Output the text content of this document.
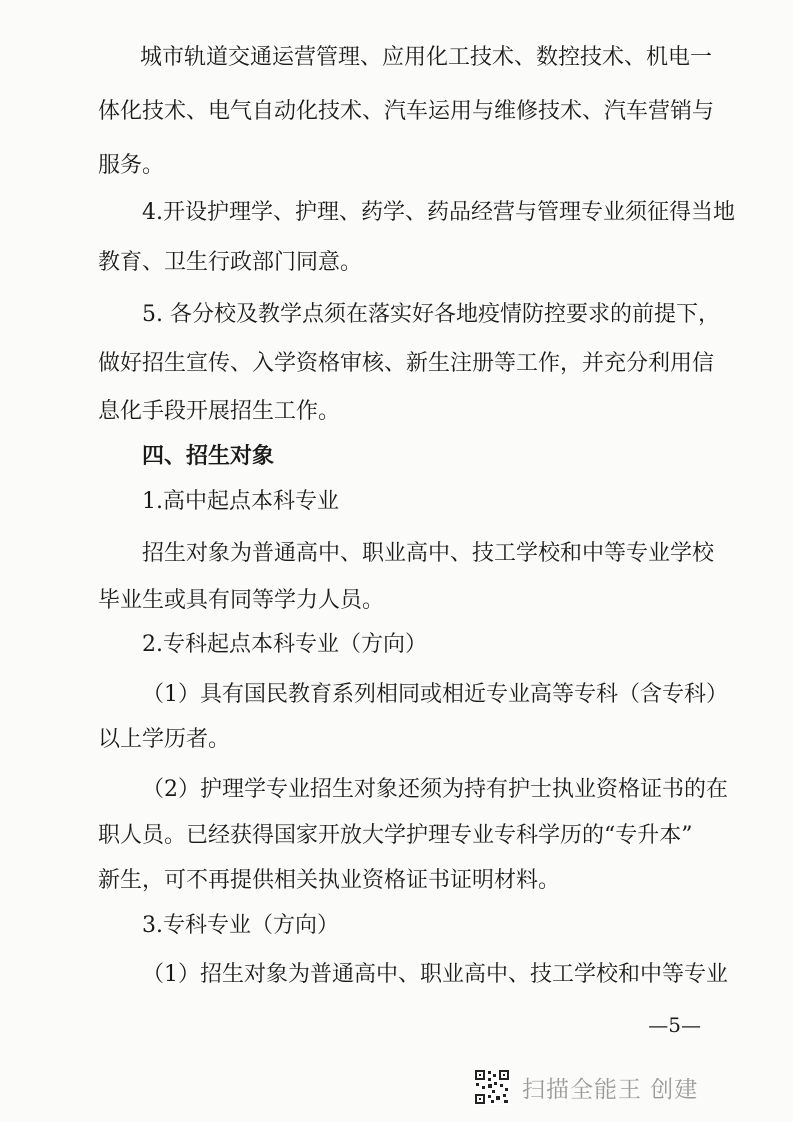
城市轨道交通运营管理、应用化工技术、数控技术、机电一
体化技术、电气自动化技术、汽车运用与维修技术、汽车营销与
服务。
4.开设护理学、护理、药学、药品经营与管理专业须征得当地
教育、卫生行政部门同意。
5. 各分校及教学点须在落实好各地疫情防控要求的前提下，
做好招生宣传、入学资格审核、新生注册等工作，并充分利用信
息化手段开展招生工作。
四、招生对象
1.高中起点本科专业
招生对象为普通高中、职业高中、技工学校和中等专业学校
毕业生或具有同等学力人员。
2.专科起点本科专业（方向）
（1）具有国民教育系列相同或相近专业高等专科（含专科）
以上学历者。
（2）护理学专业招生对象还须为持有护士执业资格证书的在
职人员。已经获得国家开放大学护理专业专科学历的“专升本”
新生，可不再提供相关执业资格证书证明材料。
3.专科专业（方向）
（1）招生对象为普通高中、职业高中、技工学校和中等专业
—5—
扫描全能王 创建
